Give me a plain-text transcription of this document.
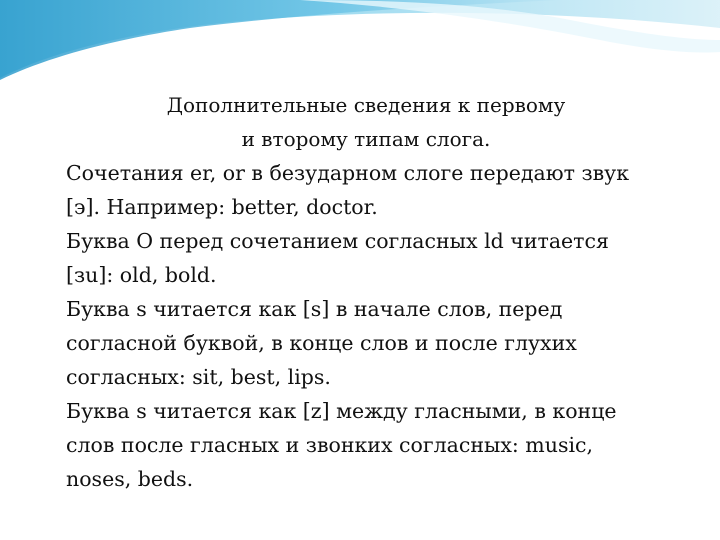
Дополнительные сведения к первому
и второму типам слога.
Сочетания er, or в безударном слоге передают звук
[э]. Например: better, doctor.
Буква O перед сочетанием согласных ld читается
[зu]: old, bold.
Буква s читается как [s] в начале слов, перед
согласной буквой, в конце слов и после глухих
согласных: sit, best, lips.
Буква s читается как [z] между гласными, в конце
слов после гласных и звонких согласных: music,
noses, beds.
